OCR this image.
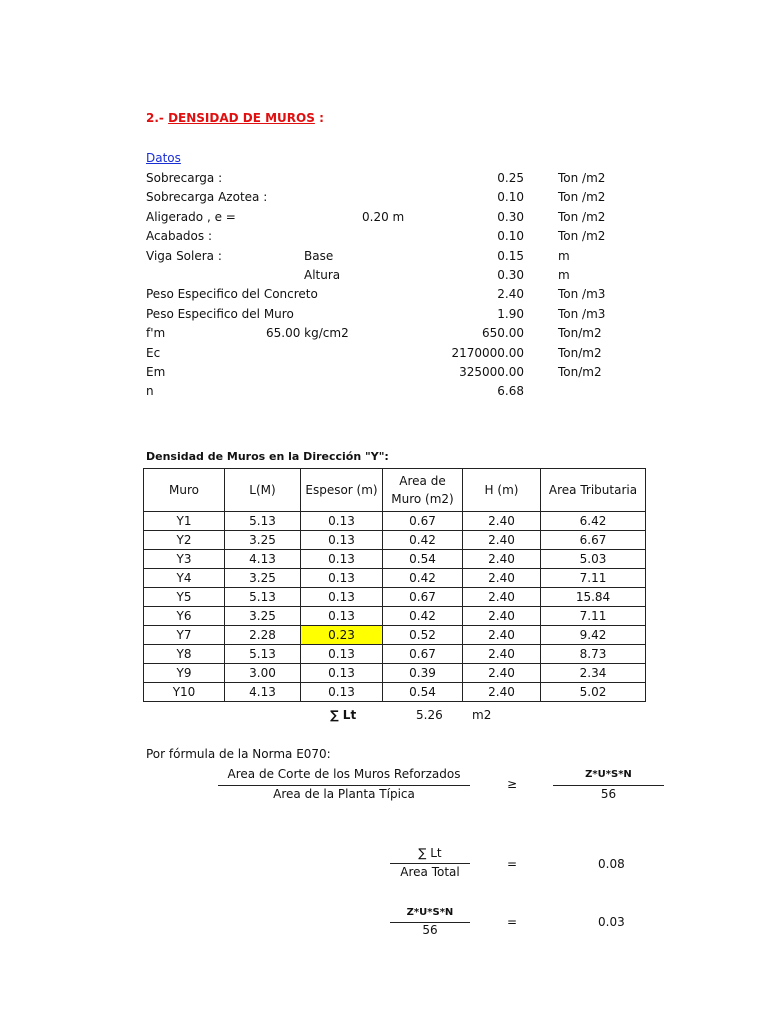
2.- DENSIDAD DE MUROS :
Datos
Sobrecarga :	0.25	Ton /m2
Sobrecarga Azotea :	0.10	Ton /m2
Aligerado , e =	0.20 m	0.30	Ton /m2
Acabados :	0.10	Ton /m2
Viga Solera :	Base	0.15	m
Altura	0.30	m
Peso Especifico del Concreto	2.40	Ton /m3
Peso Especifico del Muro	1.90	Ton /m3
f'm	65.00 kg/cm2	650.00	Ton/m2
Ec	2170000.00	Ton/m2
Em	325000.00	Ton/m2
n	6.68
Densidad de Muros en la Dirección "Y":
Muro	L(M)	Espesor (m)	Area de Muro (m2)	H (m)	Area Tributaria
Y1	5.13	0.13	0.67	2.40	6.42
Y2	3.25	0.13	0.42	2.40	6.67
Y3	4.13	0.13	0.54	2.40	5.03
Y4	3.25	0.13	0.42	2.40	7.11
Y5	5.13	0.13	0.67	2.40	15.84
Y6	3.25	0.13	0.42	2.40	7.11
Y7	2.28	0.23	0.52	2.40	9.42
Y8	5.13	0.13	0.67	2.40	8.73
Y9	3.00	0.13	0.39	2.40	2.34
Y10	4.13	0.13	0.54	2.40	5.02
∑ Lt	5.26 m2
Por fórmula de la Norma E070:
Area de Corte de los Muros Reforzados
Area de la Planta Típica
≥
Z*U*S*N
56
∑ Lt
Area Total
=	0.08
Z*U*S*N
56
=	0.03
